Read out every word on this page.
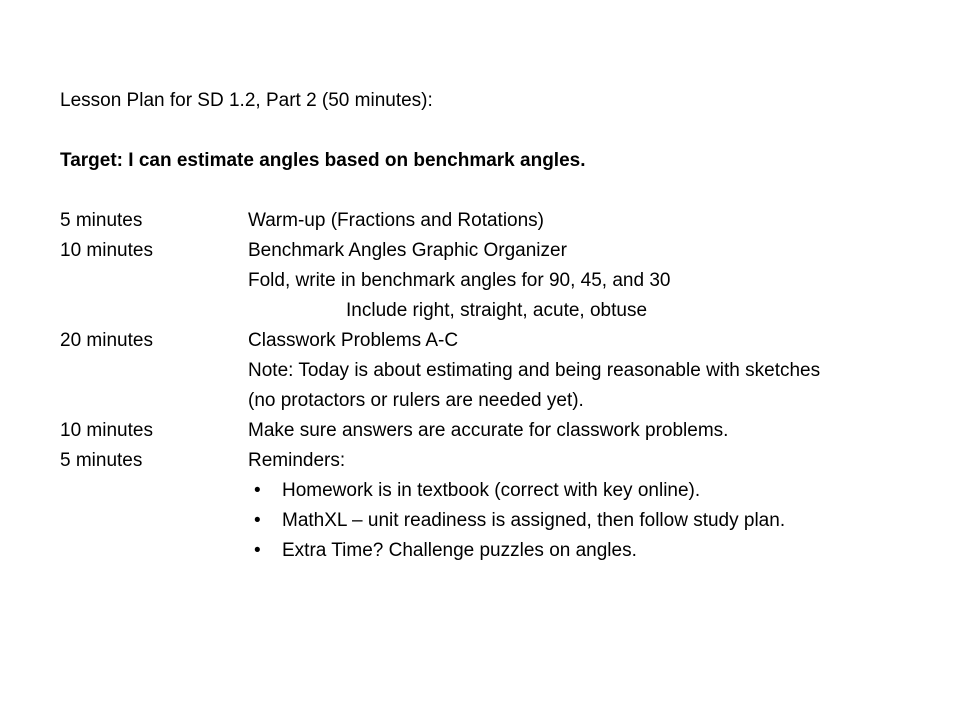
Lesson Plan for SD 1.2, Part 2 (50 minutes):
Target: I can estimate angles based on benchmark angles.
5 minutes	Warm-up (Fractions and Rotations)
10 minutes	Benchmark Angles Graphic Organizer
Fold, write in benchmark angles for 90, 45, and 30
Include right, straight, acute, obtuse
20 minutes	Classwork Problems A-C
Note: Today is about estimating and being reasonable with sketches
(no protactors or rulers are needed yet).
10 minutes	Make sure answers are accurate for classwork problems.
5 minutes	Reminders:
•	Homework is in textbook (correct with key online).
•	MathXL – unit readiness is assigned, then follow study plan.
•	Extra Time? Challenge puzzles on angles.
